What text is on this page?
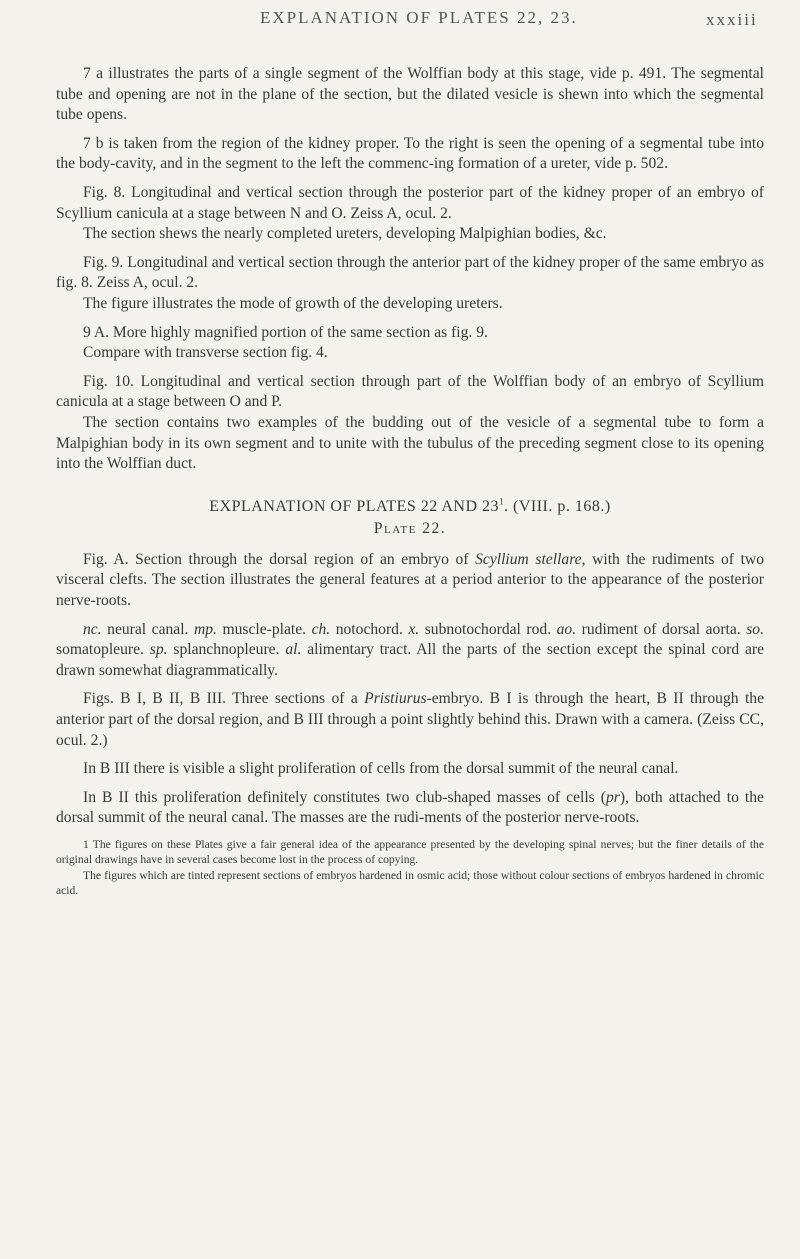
EXPLANATION OF PLATES 22, 23.	xxxiii

7 a illustrates the parts of a single segment of the Wolffian body at this stage, vide p. 491. The segmental tube and opening are not in the plane of the section, but the dilated vesicle is shewn into which the segmental tube opens.

7 b is taken from the region of the kidney proper. To the right is seen the opening of a segmental tube into the body-cavity, and in the segment to the left the commenc-ing formation of a ureter, vide p. 502.

Fig. 8. Longitudinal and vertical section through the posterior part of the kidney proper of an embryo of Scyllium canicula at a stage between N and O. Zeiss A, ocul. 2.

The section shews the nearly completed ureters, developing Malpighian bodies, &c.

Fig. 9. Longitudinal and vertical section through the anterior part of the kidney proper of the same embryo as fig. 8. Zeiss A, ocul. 2.

The figure illustrates the mode of growth of the developing ureters.

9 A. More highly magnified portion of the same section as fig. 9.

Compare with transverse section fig. 4.

Fig. 10. Longitudinal and vertical section through part of the Wolffian body of an embryo of Scyllium canicula at a stage between O and P.

The section contains two examples of the budding out of the vesicle of a segmental tube to form a Malpighian body in its own segment and to unite with the tubulus of the preceding segment close to its opening into the Wolffian duct.

EXPLANATION OF PLATES 22 AND $23^1$. (VIII. p. 168.)
Plate 22.

Fig. A. Section through the dorsal region of an embryo of Scyllium stellare, with the rudiments of two visceral clefts. The section illustrates the general features at a period anterior to the appearance of the posterior nerve-roots.

nc. neural canal. mp. muscle-plate. ch. notochord. x. subnotochordal rod. ao. rudiment of dorsal aorta. so. somatopleure. sp. splanchnopleure. al. alimentary tract. All the parts of the section except the spinal cord are drawn somewhat diagrammatically.

Figs. B I, B II, B III. Three sections of a Pristiurus-embryo. B I is through the heart, B II through the anterior part of the dorsal region, and B III through a point slightly behind this. Drawn with a camera. (Zeiss CC, ocul. 2.)

In B III there is visible a slight proliferation of cells from the dorsal summit of the neural canal.

In B II this proliferation definitely constitutes two club-shaped masses of cells (pr), both attached to the dorsal summit of the neural canal. The masses are the rudi-ments of the posterior nerve-roots.

1 The figures on these Plates give a fair general idea of the appearance presented by the developing spinal nerves; but the finer details of the original drawings have in several cases become lost in the process of copying.

The figures which are tinted represent sections of embryos hardened in osmic acid; those without colour sections of embryos hardened in chromic acid.
